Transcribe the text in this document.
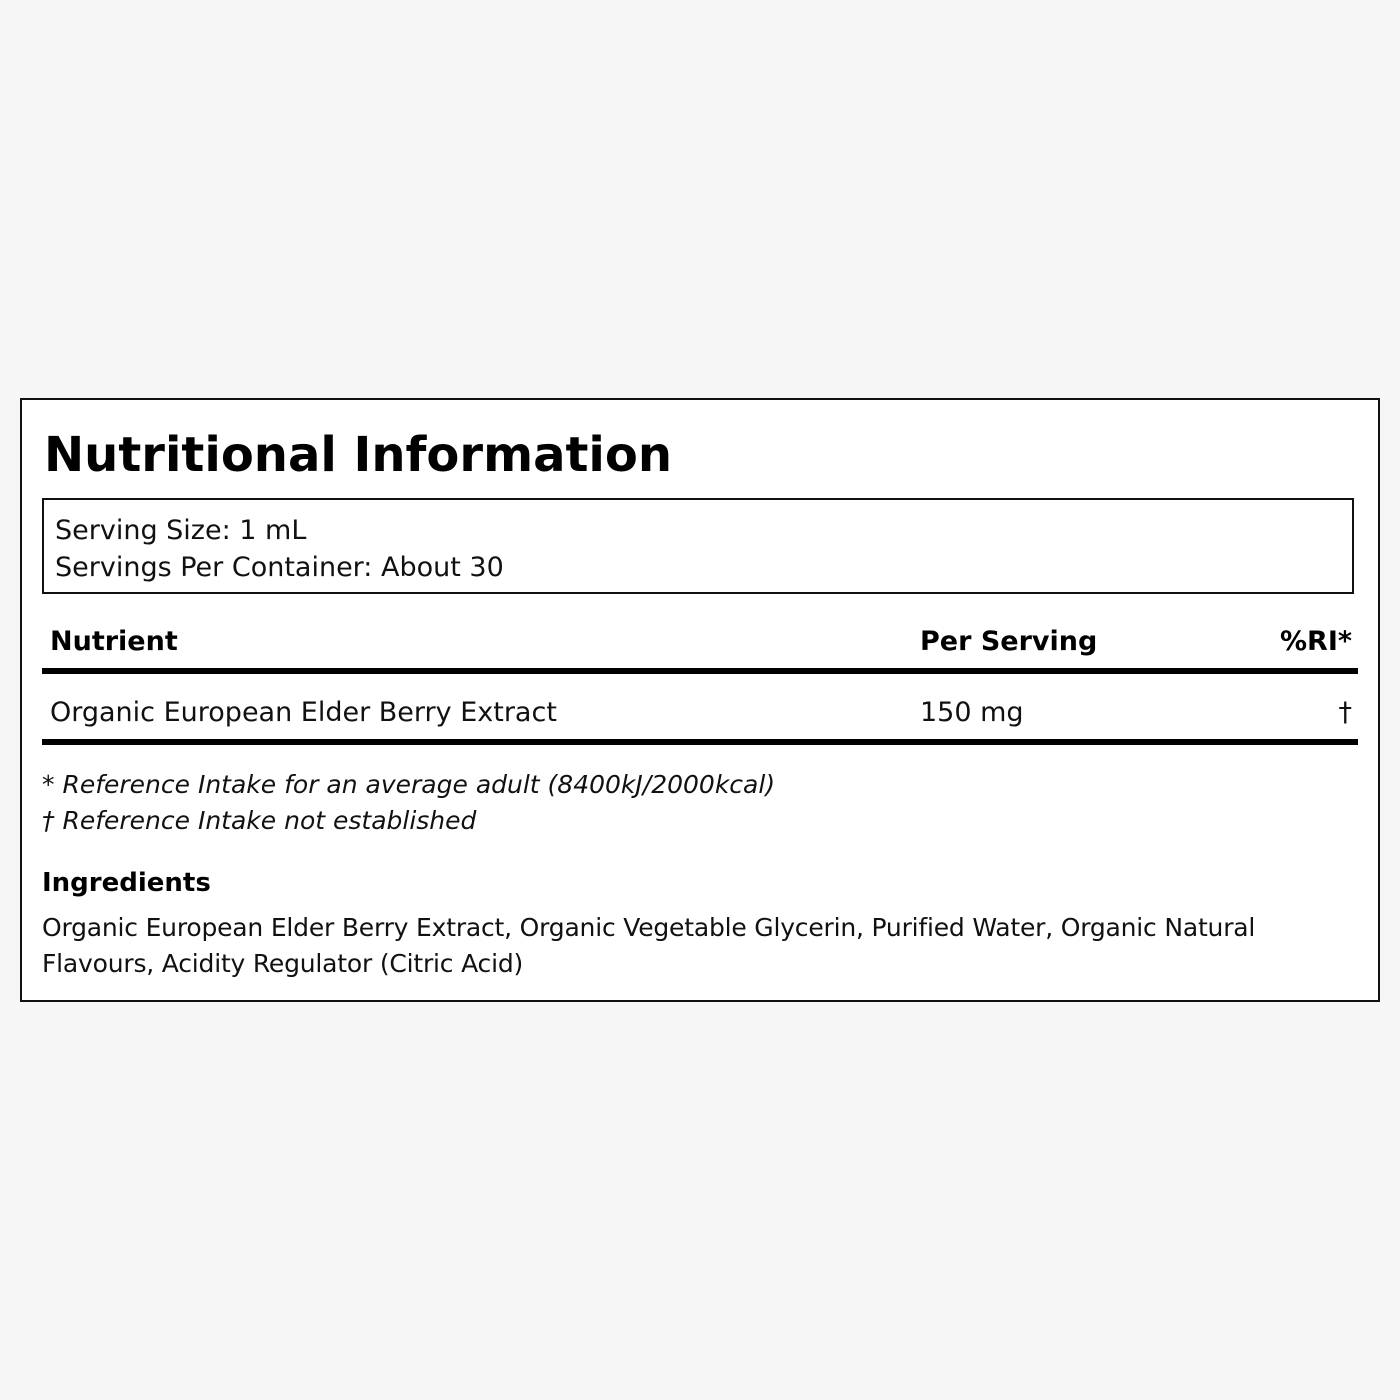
Nutritional Information
Serving Size: 1 mL
Servings Per Container: About 30
Nutrient	Per Serving	%RI*
Organic European Elder Berry Extract	150 mg	†
* Reference Intake for an average adult (8400kJ/2000kcal)
† Reference Intake not established
Ingredients

Organic European Elder Berry Extract, Organic Vegetable Glycerin, Purified Water, Organic Natural Flavours, Acidity Regulator (Citric Acid)
